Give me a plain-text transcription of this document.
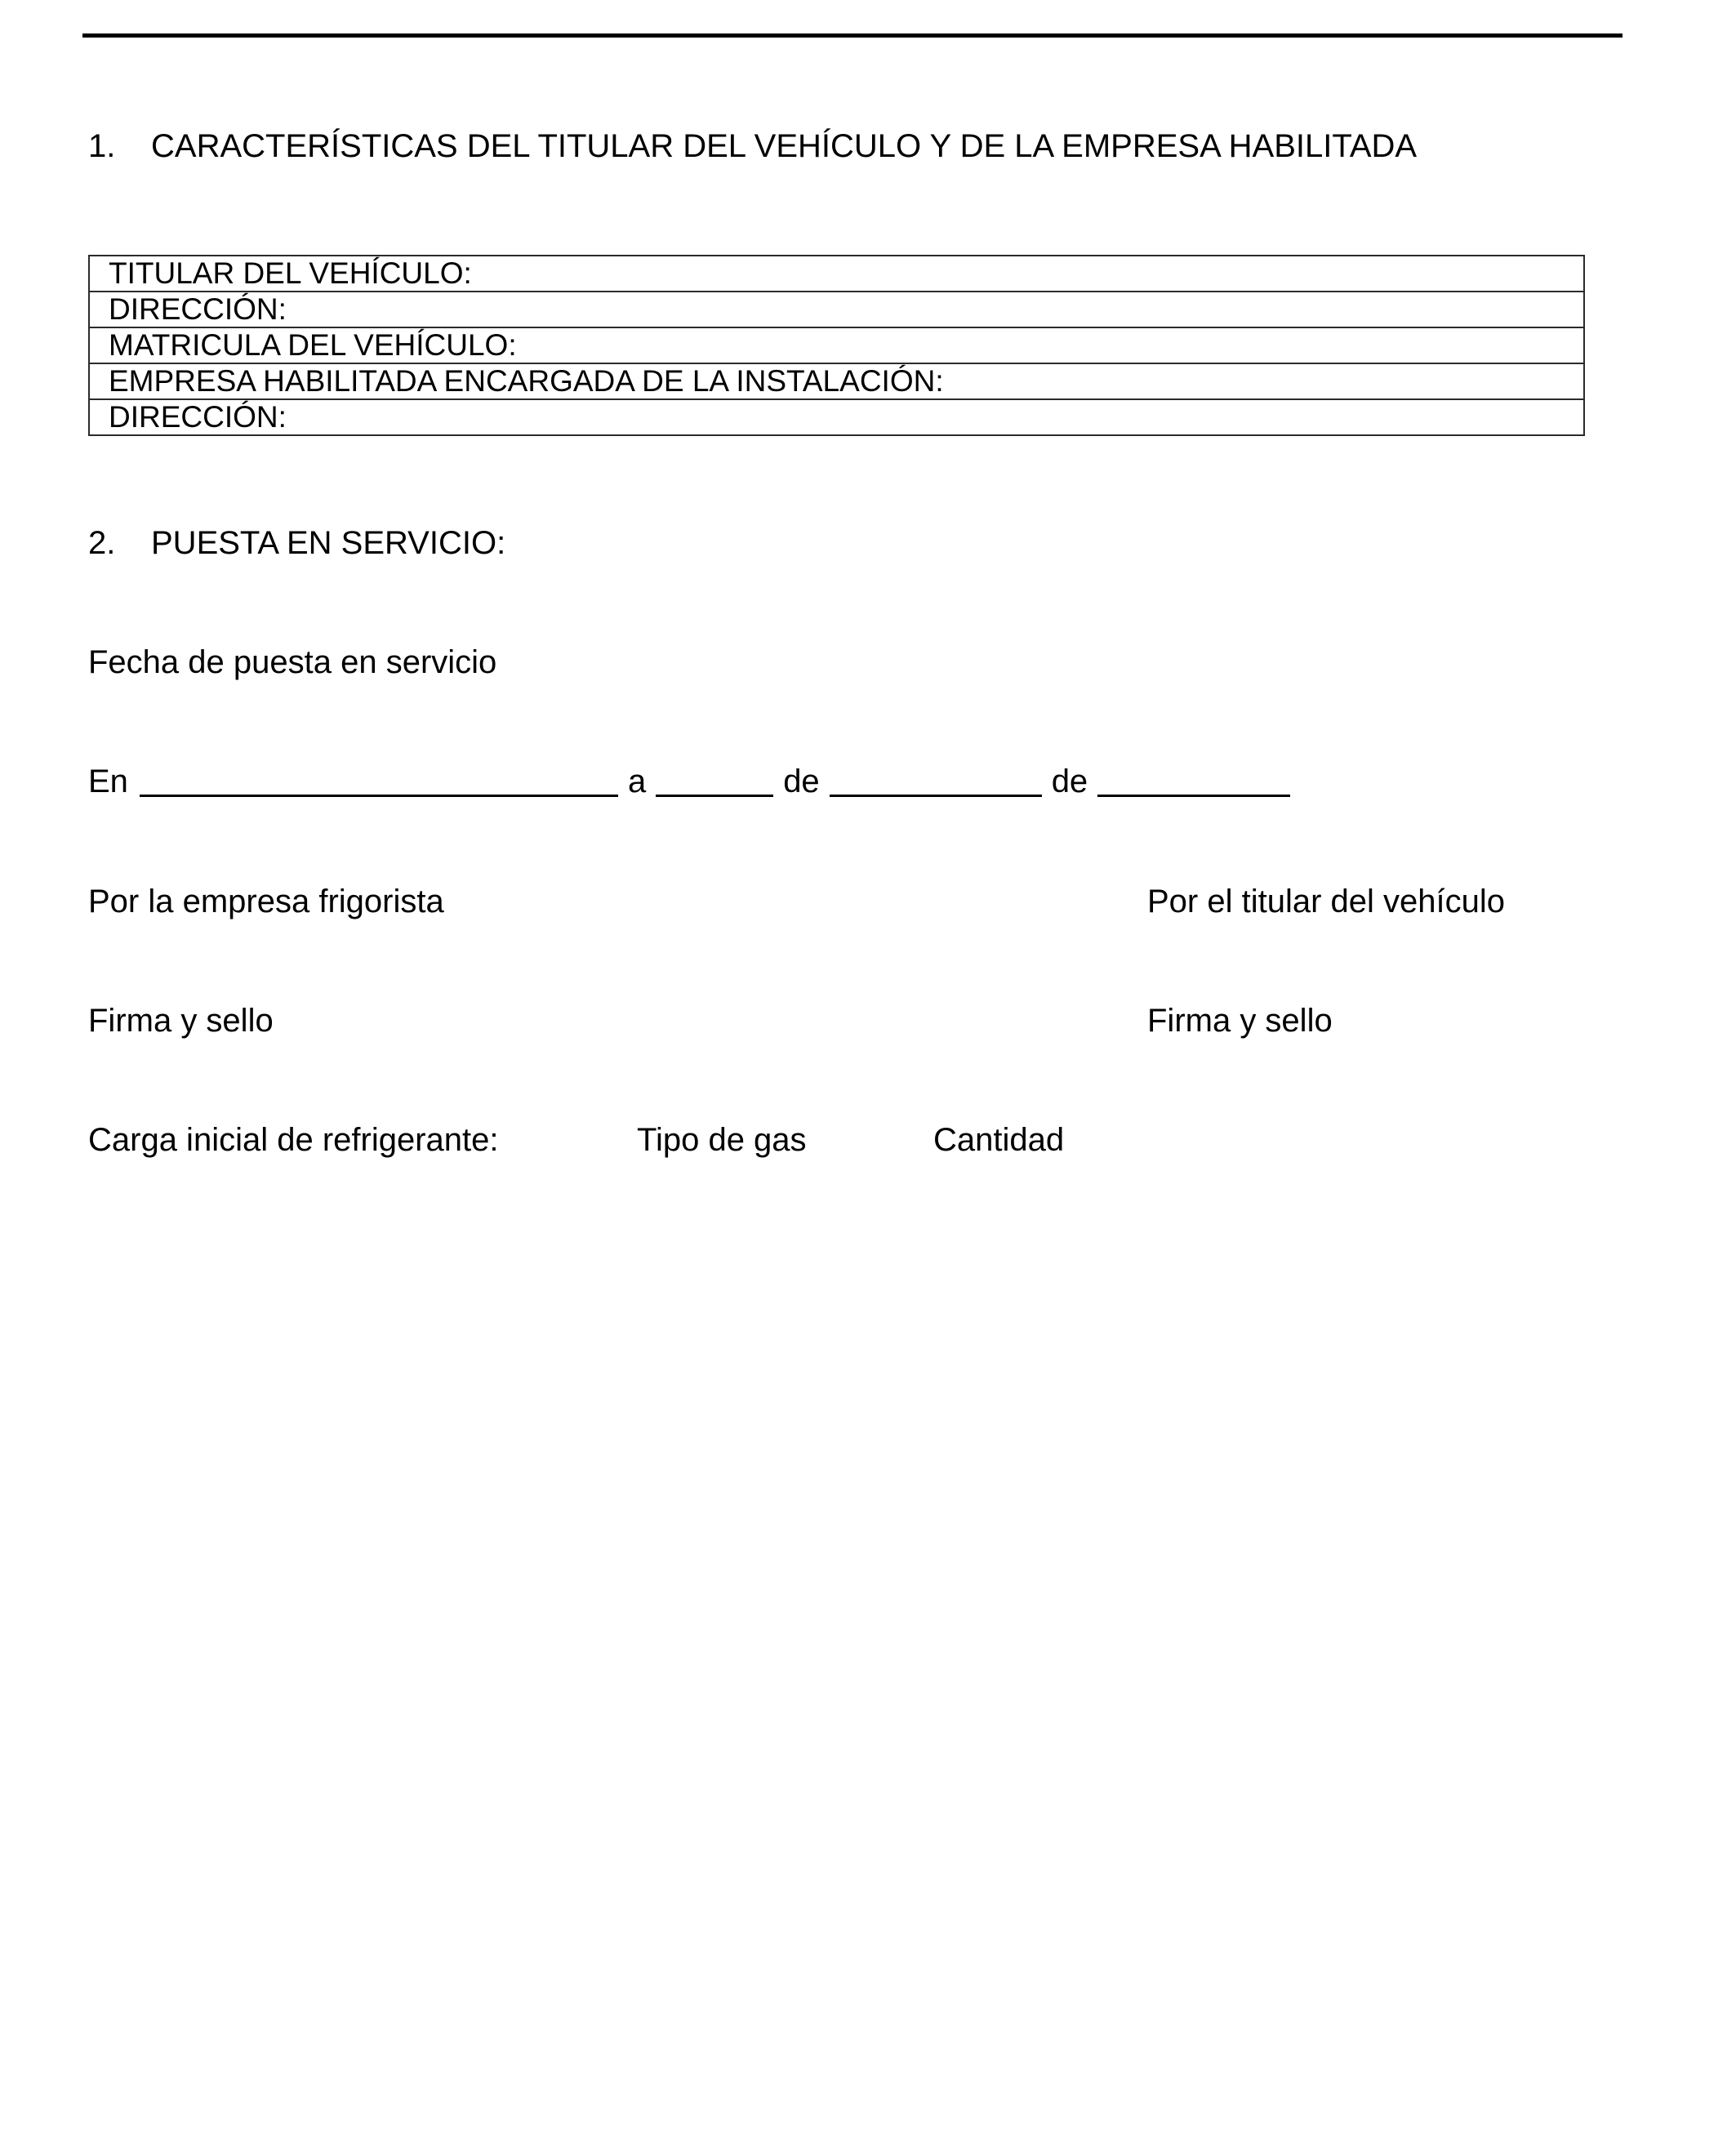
1. CARACTERÍSTICAS DEL TITULAR DEL VEHÍCULO Y DE LA EMPRESA HABILITADA
TITULAR DEL VEHÍCULO:
DIRECCIÓN:
MATRICULA DEL VEHÍCULO:
EMPRESA HABILITADA ENCARGADA DE LA INSTALACIÓN:
DIRECCIÓN:
2. PUESTA EN SERVICIO:
Fecha de puesta en servicio
En	a	de	de
Por la empresa frigorista	Por el titular del vehículo
Firma y sello	Firma y sello
Carga inicial de refrigerante:	Tipo de gas	Cantidad
